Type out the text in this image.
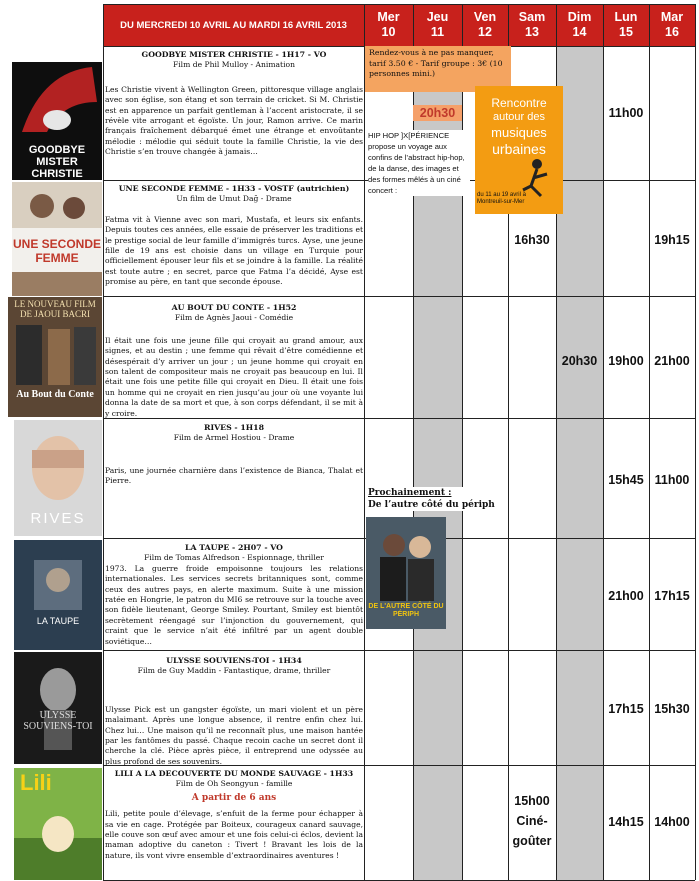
DU MERCREDI 10 AVRIL AU MARDI 16 AVRIL 2013
Mer
10
Jeu
11
Ven
12
Sam
13
Dim
14
Lun
15
Mar
16
GOODBYE MISTER CHRISTIE
UNE SECONDE FEMME
LE NOUVEAU FILM DE JAOUI BACRI
Au Bout du Conte
RIVES
LA TAUPE
ULYSSE SOUVIENS-TOI
Lili
GOODBYE MISTER CHRISTIE - 1H17 - VO
Film de Phil Mulloy - Animation
Les Christie vivent à Wellington Green, pittoresque village anglais avec son église, son étang et son terrain de cricket. Si M. Christie est en apparence un parfait gentleman à l’accent aristocrate, il se révèle vite arrogant et égoïste. Un jour, Ramon arrive. Ce marin français fraîchement débarqué émet une étrange et envoûtante mélodie : mélodie qui séduit toute la famille Christie, la vie des Christie s’en trouve changée à jamais…
UNE SECONDE FEMME - 1H33 - VOSTF (autrichien)
Un film de Umut Dağ - Drame
Fatma vit à Vienne avec son mari, Mustafa, et leurs six enfants. Depuis toutes ces années, elle essaie de préserver les traditions et le prestige social de leur famille d’immigrés turcs. Ayse, une jeune fille de 19 ans est choisie dans un village en Turquie pour officiellement épouser leur fils et se joindre à la famille. La réalité est toute autre ; en secret, parce que Fatma l’a décidé, Ayse est promise au père, en tant que seconde épouse.
AU BOUT DU CONTE - 1H52
Film de Agnès Jaoui - Comédie
Il était une fois une jeune fille qui croyait au grand amour, aux signes, et au destin ; une femme qui rêvait d’être comédienne et désespérait d’y arriver un jour ; un jeune homme qui croyait en son talent de compositeur mais ne croyait pas beaucoup en lui. Il était une fois une petite fille qui croyait en Dieu. Il était une fois un homme qui ne croyait en rien jusqu’au jour où une voyante lui donna la date de sa mort et que, à son corps défendant, il se mit à y croire.
RIVES - 1H18
Film de Armel Hostiou - Drame
Paris, une journée charnière dans l’existence de Bianca, Thalat et Pierre.
LA TAUPE - 2H07 - VO
Film de Tomas Alfredson - Espionnage, thriller
1973. La guerre froide empoisonne toujours les relations internationales. Les services secrets britanniques sont, comme ceux des autres pays, en alerte maximum. Suite à une mission ratée en Hongrie, le patron du MI6 se retrouve sur la touche avec son fidèle lieutenant, George Smiley. Pourtant, Smiley est bientôt secrètement réengagé sur l’injonction du gouvernement, qui craint que le service n’ait été infiltré par un agent double soviétique…
ULYSSE SOUVIENS-TOI - 1H34
Film de Guy Maddin - Fantastique, drame, thriller
Ulysse Pick est un gangster égoïste, un mari violent et un père malaimant. Après une longue absence, il rentre enfin chez lui. Chez lui… Une maison qu’il ne reconnaît plus, une maison hantée par les fantômes du passé. Chaque recoin cache un secret dont il cherche la clé. Pièce après pièce, il entreprend une odyssée au plus profond de ses souvenirs.
LILI A LA DECOUVERTE DU MONDE SAUVAGE - 1H33
Film de Oh Seongyun - famille
A partir de 6 ans
Lili, petite poule d’élevage, s’enfuit de la ferme pour échapper à sa vie en cage. Protégée par Boiteux, courageux canard sauvage, elle couve son œuf avec amour et une fois celui-ci éclos, devient la maman adoptive du caneton : Tivert ! Bravant les lois de la nature, ils vont vivre ensemble d’extraordinaires aventures !
20h30	11h00
16h30	19h15
20h30 19h00 21h00
15h45 11h00
21h00 17h15
17h15 15h30
15h00
Ciné-
goûter
14h15 14h00
Rendez-vous à ne pas manquer, tarif 3.50 € - Tarif groupe : 3€ (10 personnes mini.)
HIP HOP ]X[PÉRIENCE propose un voyage aux confins de l’abstract hip-hop, de la danse, des images et des formes mêlés à un ciné concert :
Rencontre
autour des
musiques
urbaines
du 11 au 19 avril à Montreuil-sur-Mer
Prochainement :
De l’autre côté du périph
DE L'AUTRE CÔTÉ DU PÉRIPH
